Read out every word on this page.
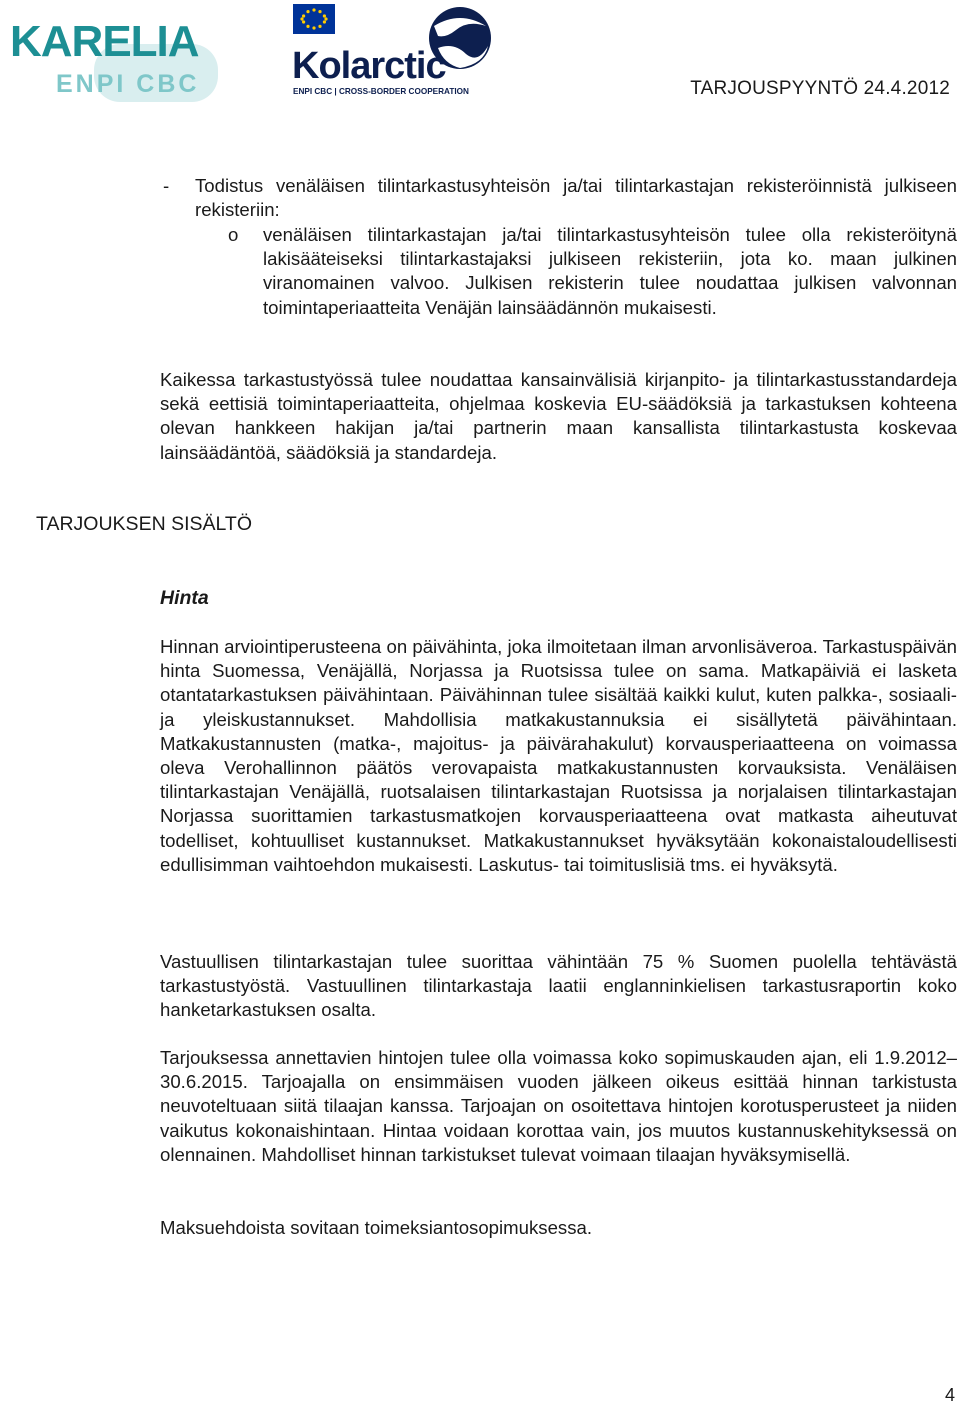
KARELIA
ENPI CBC Kolarctic
ENPI CBC | CROSS-BORDER COOPERATION	TARJOUSPYYNTÖ 24.4.2012
- Todistus venäläisen tilintarkastusyhteisön ja/tai tilintarkastajan rekisteröinnistä julkiseen rekisteriin:

o venäläisen tilintarkastajan ja/tai tilintarkastusyhteisön tulee olla rekisteröitynä lakisääteiseksi tilintarkastajaksi julkiseen rekisteriin, jota ko. maan julkinen viranomainen valvoo. Julkisen rekisterin tulee noudattaa julkisen valvonnan toimintaperiaatteita Venäjän lainsäädännön mukaisesti.

Kaikessa tarkastustyössä tulee noudattaa kansainvälisiä kirjanpito- ja tilintarkastusstandardeja sekä eettisiä toimintaperiaatteita, ohjelmaa koskevia EU-säädöksiä ja tarkastuksen kohteena olevan hankkeen hakijan ja/tai partnerin maan kansallista tilintarkastusta koskevaa lainsäädäntöä, säädöksiä ja standardeja.

TARJOUKSEN SISÄLTÖ
Hinta

Hinnan arviointiperusteena on päivähinta, joka ilmoitetaan ilman arvonlisäveroa. Tarkastuspäivän hinta Suomessa, Venäjällä, Norjassa ja Ruotsissa tulee on sama. Matkapäiviä ei lasketa otantatarkastuksen päivähintaan. Päivähinnan tulee sisältää kaikki kulut, kuten palkka-, sosiaali- ja yleiskustannukset. Mahdollisia matkakustannuksia ei sisällytetä päivähintaan. Matkakustannusten (matka-, majoitus- ja päivärahakulut) korvausperiaatteena on voimassa oleva Verohallinnon päätös verovapaista matkakustannusten korvauksista. Venäläisen tilintarkastajan Venäjällä, ruotsalaisen tilintarkastajan Ruotsissa ja norjalaisen tilintarkastajan Norjassa suorittamien tarkastusmatkojen korvausperiaatteena ovat matkasta aiheutuvat todelliset, kohtuulliset kustannukset. Matkakustannukset hyväksytään kokonaistaloudellisesti edullisimman vaihtoehdon mukaisesti. Laskutus- tai toimituslisiä tms. ei hyväksytä.

Vastuullisen tilintarkastajan tulee suorittaa vähintään 75 % Suomen puolella tehtävästä tarkastustyöstä. Vastuullinen tilintarkastaja laatii englanninkielisen tarkastusraportin koko hanketarkastuksen osalta.

Tarjouksessa annettavien hintojen tulee olla voimassa koko sopimuskauden ajan, eli 1.9.2012–30.6.2015. Tarjoajalla on ensimmäisen vuoden jälkeen oikeus esittää hinnan tarkistusta neuvoteltuaan siitä tilaajan kanssa. Tarjoajan on osoitettava hintojen korotusperusteet ja niiden vaikutus kokonaishintaan. Hintaa voidaan korottaa vain, jos muutos kustannuskehityksessä on olennainen. Mahdolliset hinnan tarkistukset tulevat voimaan tilaajan hyväksymisellä.

Maksuehdoista sovitaan toimeksiantosopimuksessa.

4
